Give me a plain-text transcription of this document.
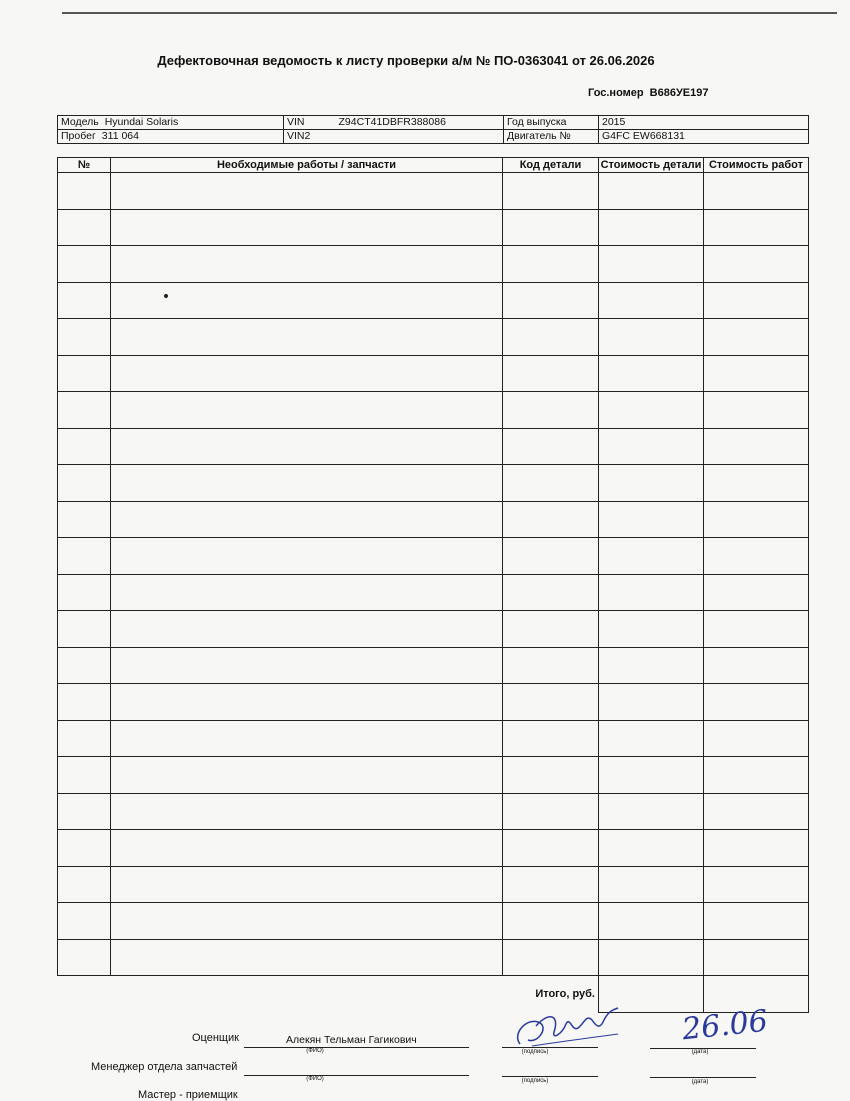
Дефектовочная ведомость к листу проверки а/м № ПО-0363041 от 26.06.2026
Гос.номер В686УЕ197
Модель Hyundai Solaris	VIN Z94CT41DBFR388086	Год выпуска	2015
Пробег 311 064	VIN2	Двигатель №	G4FC EW668131
№	Необходимые работы / запчасти	Код детали	Стоимость детали	Стоимость работ

	Итого, руб.			
Оценщик	Алекян Тельман Гагикович
(ФИО)	(подпись)
26.06
(дата)
Менеджер отдела запчастей
(ФИО)	(подпись)	(дата)
Мастер - приемщик
